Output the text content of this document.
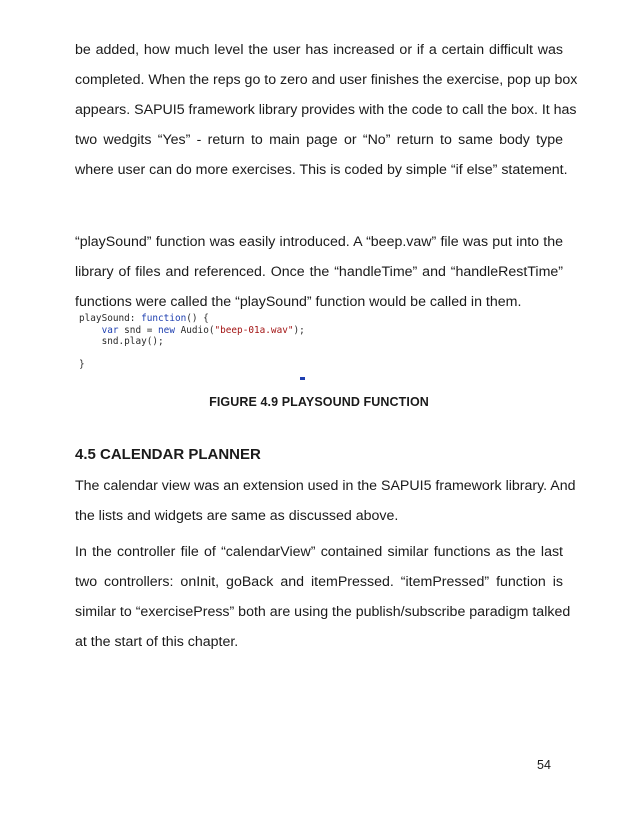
be added, how much level the user has increased or if a certain difficult was
completed. When the reps go to zero and user finishes the exercise, pop up box
appears. SAPUI5 framework library provides with the code to call the box. It has
two wedgits “Yes” - return to main page or “No” return to same body type
where user can do more exercises. This is coded by simple “if else” statement.
“playSound” function was easily introduced. A “beep.vaw” file was put into the
library of files and referenced. Once the “handleTime” and “handleRestTime”
functions were called the “playSound” function would be called in them.
playSound: function() {
var snd = new Audio("beep-01a.wav");
snd.play();

}
FIGURE 4.9 PLAYSOUND FUNCTION
4.5 CALENDAR PLANNER
The calendar view was an extension used in the SAPUI5 framework library. And
the lists and widgets are same as discussed above.
In the controller file of “calendarView” contained similar functions as the last
two controllers: onInit, goBack and itemPressed. “itemPressed” function is
similar to “exercisePress” both are using the publish/subscribe paradigm talked
at the start of this chapter.
54
